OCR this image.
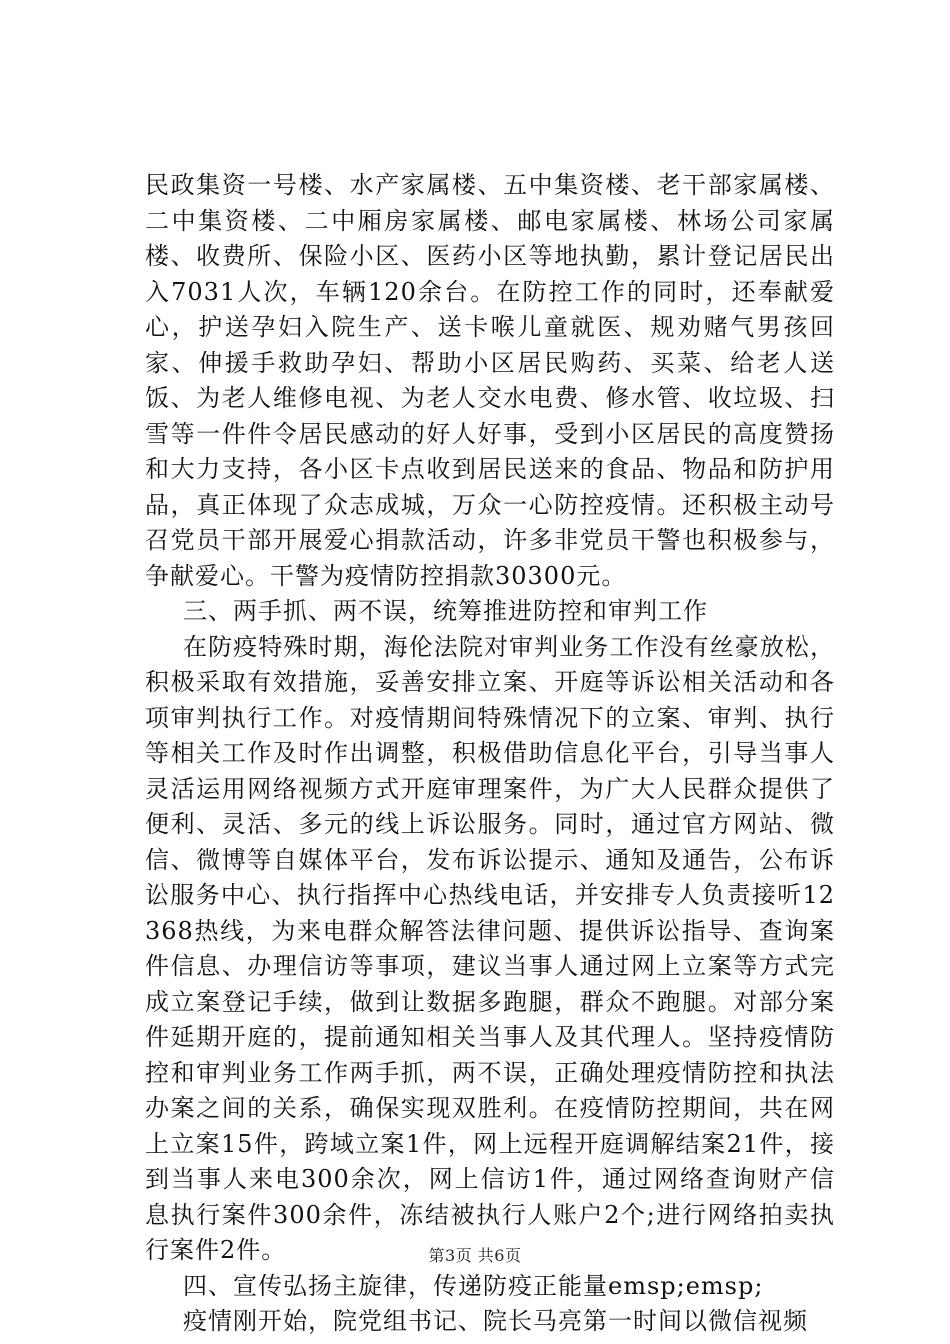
民政集资一号楼、水产家属楼、五中集资楼、老干部家属楼、二中集资楼、二中厢房家属楼、邮电家属楼、林场公司家属楼、收费所、保险小区、医药小区等地执勤，累计登记居民出入7031人次，车辆120余台。在防控工作的同时，还奉献爱心，护送孕妇入院生产、送卡喉儿童就医、规劝赌气男孩回家、伸援手救助孕妇、帮助小区居民购药、买菜、给老人送饭、为老人维修电视、为老人交水电费、修水管、收垃圾、扫雪等一件件令居民感动的好人好事，受到小区居民的高度赞扬和大力支持，各小区卡点收到居民送来的食品、物品和防护用品，真正体现了众志成城，万众一心防控疫情。还积极主动号召党员干部开展爱心捐款活动，许多非党员干警也积极参与，争献爱心。干警为疫情防控捐款30300元。

三、两手抓、两不误，统筹推进防控和审判工作

在防疫特殊时期，海伦法院对审判业务工作没有丝豪放松，积极采取有效措施，妥善安排立案、开庭等诉讼相关活动和各项审判执行工作。对疫情期间特殊情况下的立案、审判、执行等相关工作及时作出调整，积极借助信息化平台，引导当事人灵活运用网络视频方式开庭审理案件，为广大人民群众提供了便利、灵活、多元的线上诉讼服务。同时，通过官方网站、微信、微博等自媒体平台，发布诉讼提示、通知及通告，公布诉讼服务中心、执行指挥中心热线电话，并安排专人负责接听12368热线，为来电群众解答法律问题、提供诉讼指导、查询案件信息、办理信访等事项，建议当事人通过网上立案等方式完成立案登记手续，做到让数据多跑腿，群众不跑腿。对部分案件延期开庭的，提前通知相关当事人及其代理人。坚持疫情防控和审判业务工作两手抓，两不误，正确处理疫情防控和执法办案之间的关系，确保实现双胜利。在疫情防控期间，共在网上立案15件，跨域立案1件，网上远程开庭调解结案21件，接到当事人来电300余次，网上信访1件，通过网络查询财产信息执行案件300余件，冻结被执行人账户2个;进行网络拍卖执行案件2件。

四、宣传弘扬主旋律，传递防疫正能量emsp;emsp;

疫情刚开始，院党组书记、院长马亮第一时间以微信视频

第3页 共6页
